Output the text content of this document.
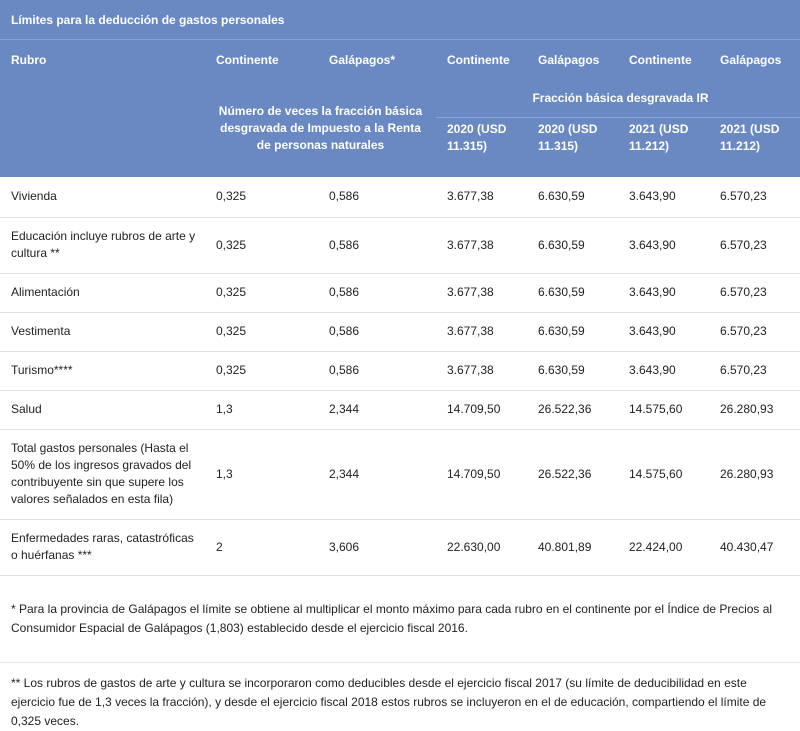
Límites para la deducción de gastos personales
Rubro	Continente	Galápagos*	Continente	Galápagos	Continente	Galápagos
	Número de veces la fracción básica desgravada de Impuesto a la Renta de personas naturales		Fracción básica desgravada IR			
			2020 (USD 11.315)	2020 (USD 11.315)	2021 (USD 11.212)	2021 (USD 11.212)
Vivienda	0,325	0,586	3.677,38	6.630,59	3.643,90	6.570,23
Educación incluye rubros de arte y cultura **	0,325	0,586	3.677,38	6.630,59	3.643,90	6.570,23
Alimentación	0,325	0,586	3.677,38	6.630,59	3.643,90	6.570,23
Vestimenta	0,325	0,586	3.677,38	6.630,59	3.643,90	6.570,23
Turismo****	0,325	0,586	3.677,38	6.630,59	3.643,90	6.570,23
Salud	1,3	2,344	14.709,50	26.522,36	14.575,60	26.280,93
Total gastos personales (Hasta el 50% de los ingresos gravados del contribuyente sin que supere los valores señalados en esta fila)	1,3	2,344	14.709,50	26.522,36	14.575,60	26.280,93
Enfermedades raras, catastróficas o huérfanas ***	2	3,606	22.630,00	40.801,89	22.424,00	40.430,47
* Para la provincia de Galápagos el límite se obtiene al multiplicar el monto máximo para cada rubro en el continente por el Índice de Precios al Consumidor Espacial de Galápagos (1,803) establecido desde el ejercicio fiscal 2016.
** Los rubros de gastos de arte y cultura se incorporaron como deducibles desde el ejercicio fiscal 2017 (su límite de deducibilidad en este ejercicio fue de 1,3 veces la fracción), y desde el ejercicio fiscal 2018 estos rubros se incluyeron en el de educación, compartiendo el límite de 0,325 veces.
